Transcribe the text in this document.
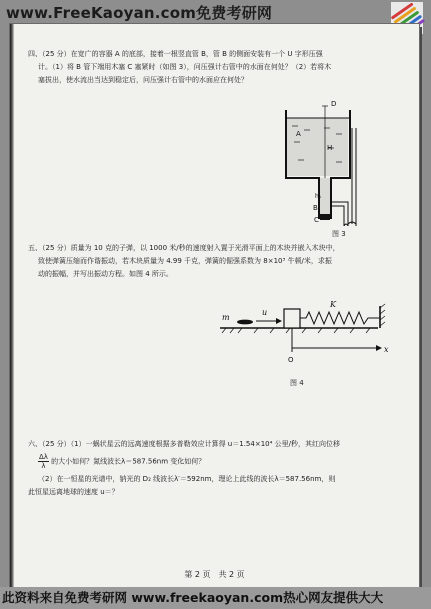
www.FreeKaoyan.com免费考研网

四、（25 分）在宽广的容器 A 的底部，接着一根竖直管 B，管 B 的侧面安装有一个 U 字形压强

计。（1）将 B 管下端用木塞 C 塞紧时（如图 3），问压强计右管中的水面在何处？（2）若将木

塞拔出，使水流出当达到稳定后，问压强计右管中的水面应在何处？

D
A
H
h₁
B
C
图 3

五、（25 分）质量为 10 克的子弹，以 1000 米/秒的速度射入置于光滑平面上的木块并嵌入木块中，

致使弹簧压缩而作谐振动，若木块质量为 4.99 千克，弹簧的倔强系数为 8×10³ 牛顿/米，求振

动的振幅，并写出振动方程。如图 4 所示。

m
u
K
O
x
图 4

六、（25 分）（1）一蜗状星云的远离速度根据多普勒效应计算得 u＝1.54×10⁴ 公里/秒，其红向位移

$\frac{\Delta\lambda}{\lambda}$ 的大小如何？氮线波长λ＝587.56nm 变化如何？

（2）在一恒星的光谱中，钠光的 D₂ 线波长λ′＝592nm，理论上此线的波长λ＝587.56nm，则

此恒星远离地球的速度 u＝？

第 2 页　共 2 页
此资料来自免费考研网 www.freekaoyan.com热心网友提供大大
